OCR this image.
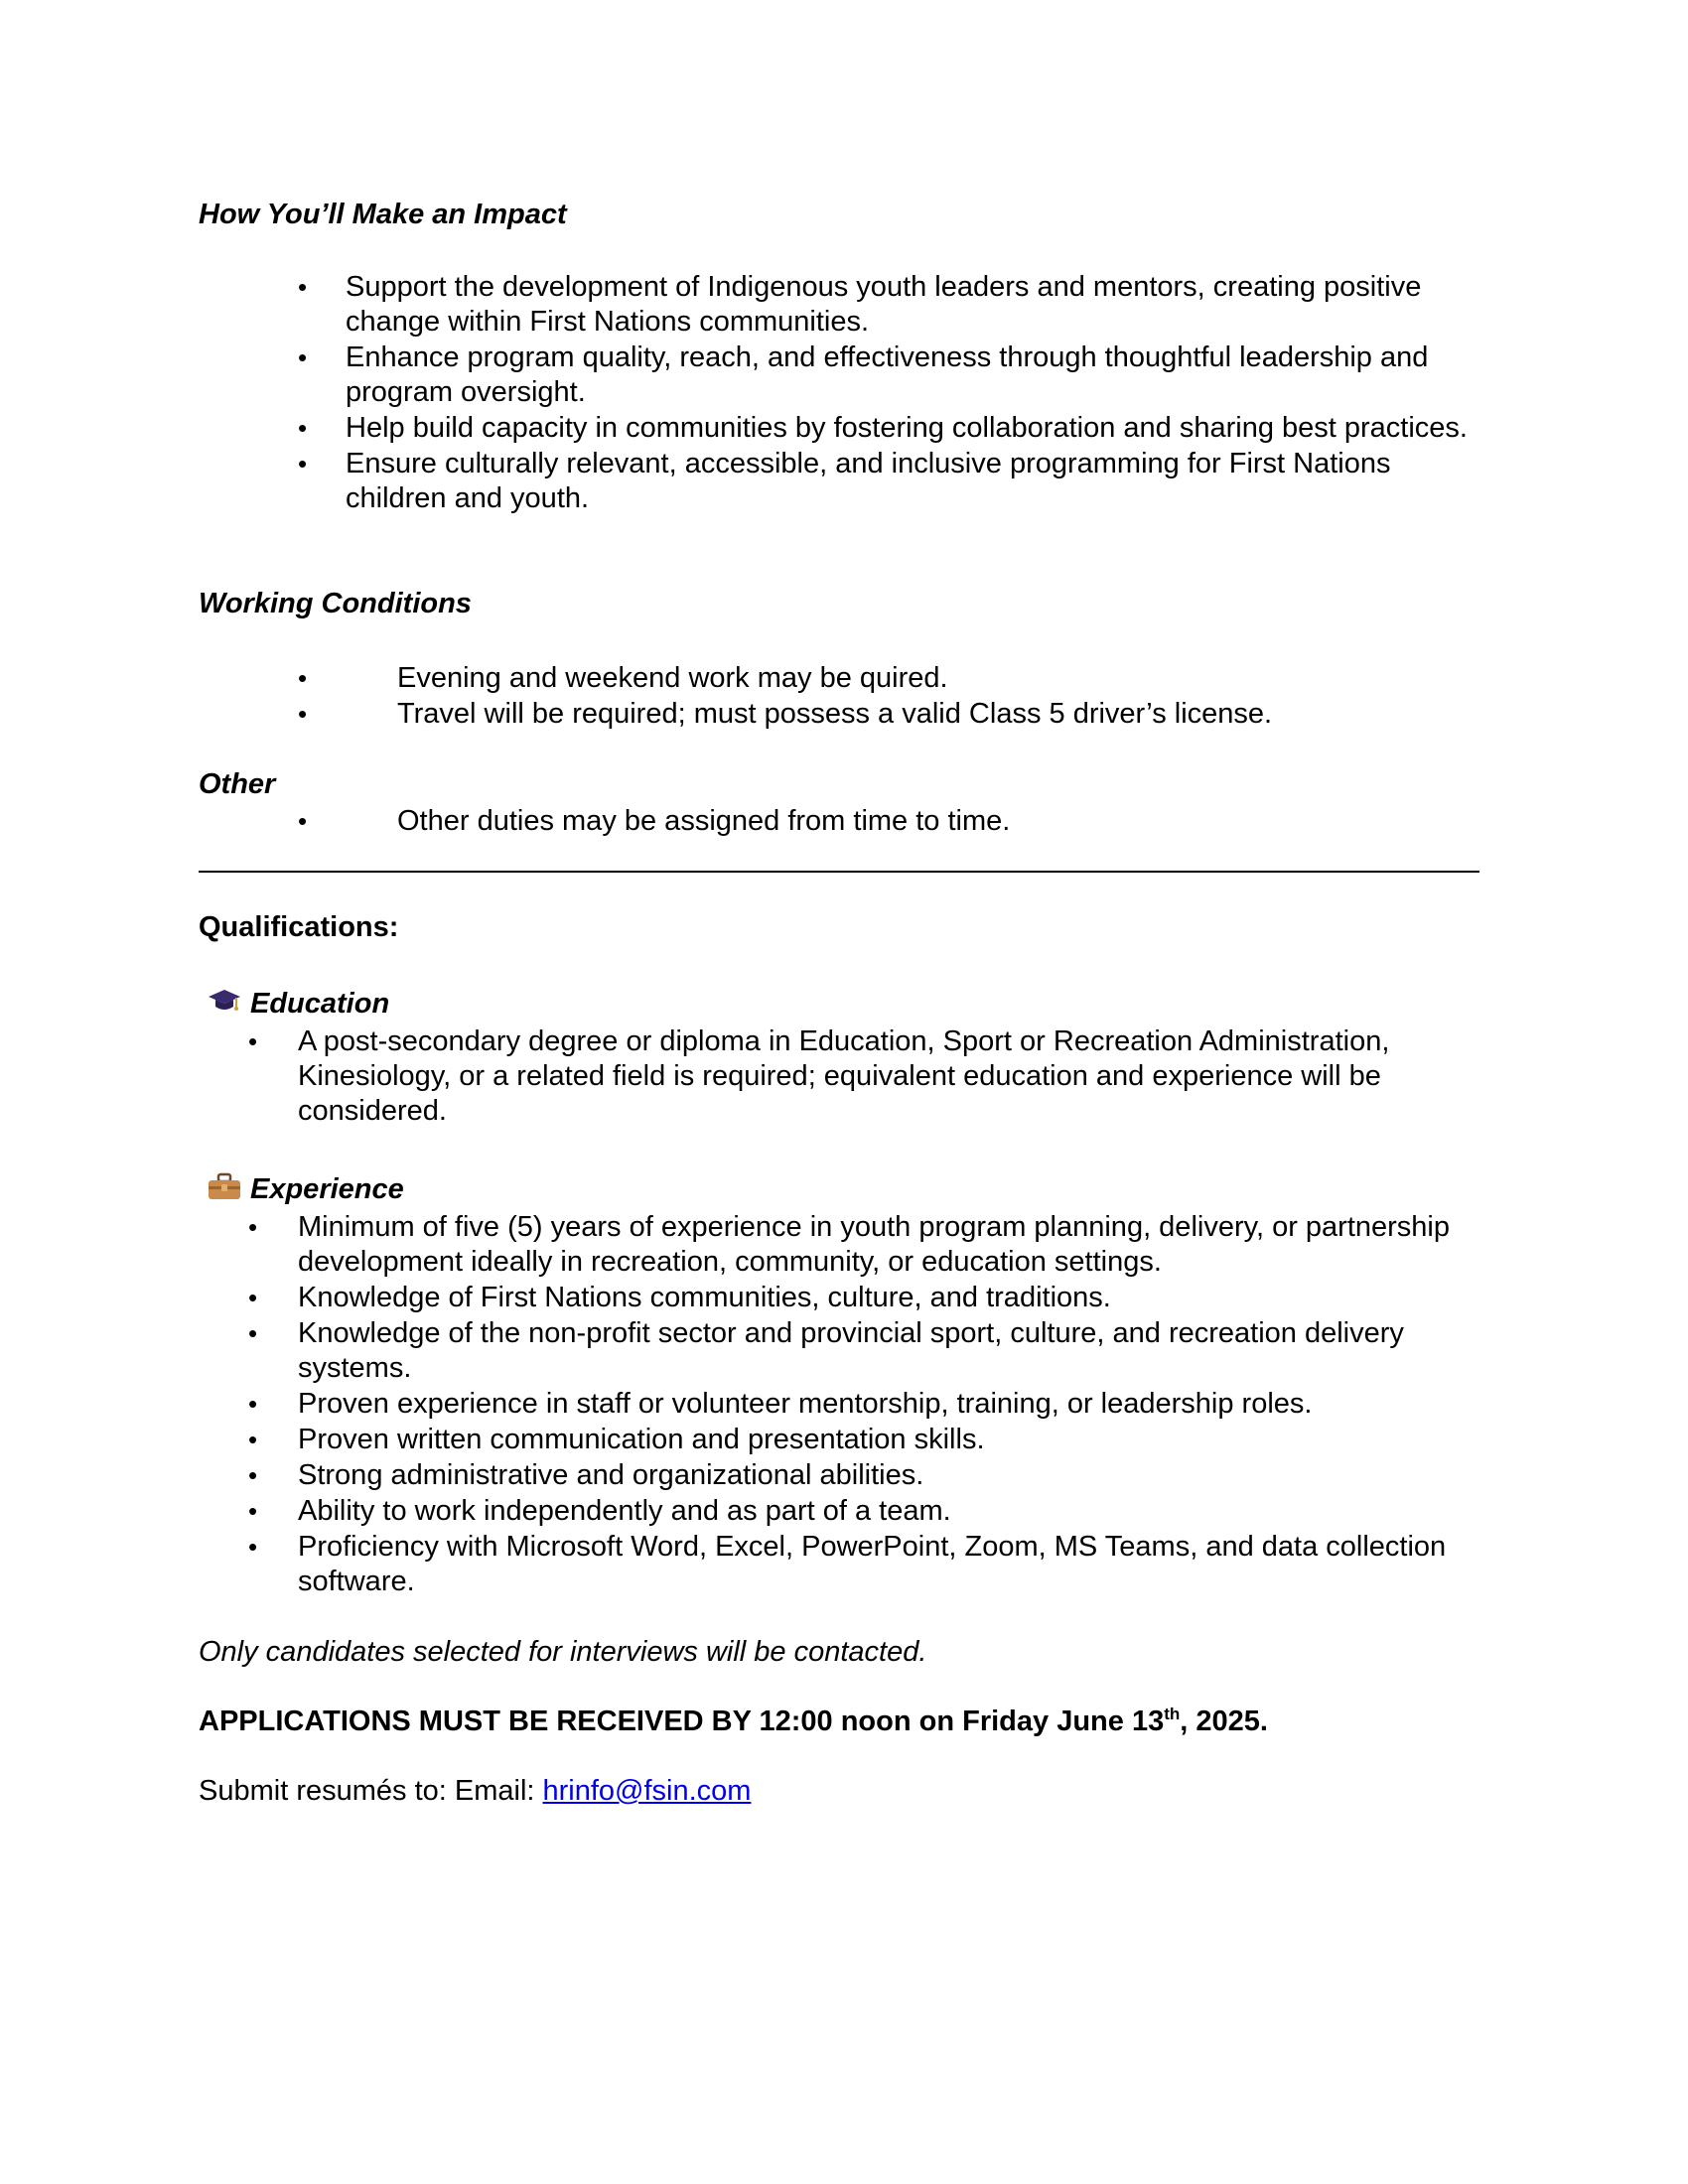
How You’ll Make an Impact

• Support the development of Indigenous youth leaders and mentors, creating positive change within First Nations communities.
• Enhance program quality, reach, and effectiveness through thoughtful leadership and program oversight.
• Help build capacity in communities by fostering collaboration and sharing best practices.
• Ensure culturally relevant, accessible, and inclusive programming for First Nations children and youth.

Working Conditions

•	Evening and weekend work may be quired.
•	Travel will be required; must possess a valid Class 5 driver’s license.

Other

•	Other duties may be assigned from time to time.

Qualifications:

Education

• A post-secondary degree or diploma in Education, Sport or Recreation Administration, Kinesiology, or a related field is required; equivalent education and experience will be considered.

Experience

• Minimum of five (5) years of experience in youth program planning, delivery, or partnership development ideally in recreation, community, or education settings.
• Knowledge of First Nations communities, culture, and traditions.
• Knowledge of the non-profit sector and provincial sport, culture, and recreation delivery systems.
• Proven experience in staff or volunteer mentorship, training, or leadership roles.
• Proven written communication and presentation skills.
• Strong administrative and organizational abilities.
• Ability to work independently and as part of a team.
• Proficiency with Microsoft Word, Excel, PowerPoint, Zoom, MS Teams, and data collection software.

Only candidates selected for interviews will be contacted.

APPLICATIONS MUST BE RECEIVED BY 12:00 noon on Friday June 13th, 2025.

Submit resumés to: Email: hrinfo@fsin.com
